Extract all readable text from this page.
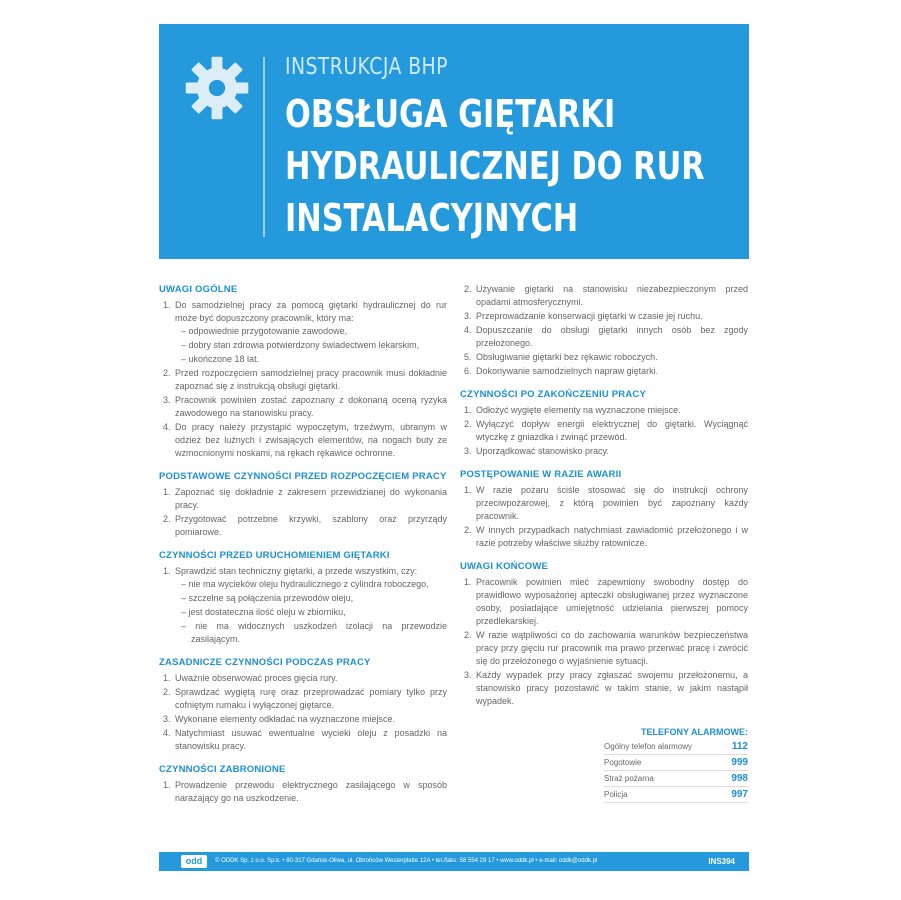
INSTRUKCJA BHP
OBSŁUGA GIĘTARKI
HYDRAULICZNEJ DO RUR
INSTALACYJNYCH
UWAGI OGÓLNE
1. Do samodzielnej pracy za pomocą giętarki hydraulicznej do rur może być dopuszczony pracownik, który ma:
– odpowiednie przygotowanie zawodowe,
– dobry stan zdrowia potwierdzony świadectwem lekarskim,
– ukończone 18 lat.
2. Przed rozpoczęciem samodzielnej pracy pracownik musi dokładnie zapoznać się z instrukcją obsługi giętarki.
3. Pracownik powinien zostać zapoznany z dokonaną oceną ryzyka zawodowego na stanowisku pracy.
4. Do pracy należy przystąpić wypoczętym, trzeźwym, ubranym w odzież bez luźnych i zwisających elementów, na nogach buty ze wzmocnionymi noskami, na rękach rękawice ochronne.
PODSTAWOWE CZYNNOŚCI PRZED ROZPOCZĘCIEM PRACY
1. Zapoznać się dokładnie z zakresem przewidzianej do wykonania pracy.
2. Przygotować potrzebne krzywki, szablony oraz przyrządy pomiarowe.
CZYNNOŚCI PRZED URUCHOMIENIEM GIĘTARKI
1. Sprawdzić stan techniczny giętarki, a przede wszystkim, czy:
– nie ma wycieków oleju hydraulicznego z cylindra roboczego,
– szczelne są połączenia przewodów oleju,
– jest dostateczna ilość oleju w zbiorniku,
– nie ma widocznych uszkodzeń izolacji na przewodzie zasilającym.
ZASADNICZE CZYNNOŚCI PODCZAS PRACY
1. Uważnie obserwować proces gięcia rury.
2. Sprawdzać wygiętą rurę oraz przeprowadzać pomiary tylko przy cofniętym rumaku i wyłączonej giętarce.
3. Wykonane elementy odkładać na wyznaczone miejsce.
4. Natychmiast usuwać ewentualne wycieki oleju z posadzki na stanowisku pracy.
CZYNNOŚCI ZABRONIONE
1. Prowadzenie przewodu elektrycznego zasilającego w sposób narażający go na uszkodzenie.
2. Używanie giętarki na stanowisku niezabezpieczonym przed opadami atmosferycznymi.
3. Przeprowadzanie konserwacji giętarki w czasie jej ruchu.
4. Dopuszczanie do obsługi giętarki innych osób bez zgody przełożonego.
5. Obsługiwanie giętarki bez rękawic roboczych.
6. Dokonywanie samodzielnych napraw giętarki.
CZYNNOŚCI PO ZAKOŃCZENIU PRACY
1. Odłożyć wygięte elementy na wyznaczone miejsce.
2. Wyłączyć dopływ energii elektrycznej do giętarki. Wyciągnąć wtyczkę z gniazdka i zwinąć przewód.
3. Uporządkować stanowisko pracy.
POSTĘPOWANIE W RAZIE AWARII
1. W razie pożaru ściśle stosować się do instrukcji ochrony przeciwpożarowej, z którą powinien być zapoznany każdy pracownik.
2. W innych przypadkach natychmiast zawiadomić przełożonego i w razie potrzeby właściwe służby ratownicze.
UWAGI KOŃCOWE
1. Pracownik powinien mieć zapewniony swobodny dostęp do prawidłowo wyposażonej apteczki obsługiwanej przez wyznaczone osoby, posiadające umiejętność udzielania pierwszej pomocy przedlekarskiej.
2. W razie wątpliwości co do zachowania warunków bezpieczeństwa pracy przy gięciu rur pracownik ma prawo przerwać pracę i zwrócić się do przełożonego o wyjaśnienie sytuacji.
3. Każdy wypadek przy pracy zgłaszać swojemu przełożonemu, a stanowisko pracy pozostawić w takim stanie, w jakim nastąpił wypadek.
TELEFONY ALARMOWE:
Ogólny telefon alarmowy	112
Pogotowie	999
Straż pożarna	998
Policja	997
odd	© ODDK Sp. z o.o. Sp.k. • 80-317 Gdańsk-Oliwa, ul. Obrońców Westerplatte 12A • tel./faks: 58 554 29 17 • www.oddk.pl • e-mail: oddk@oddk.pl	INS394
